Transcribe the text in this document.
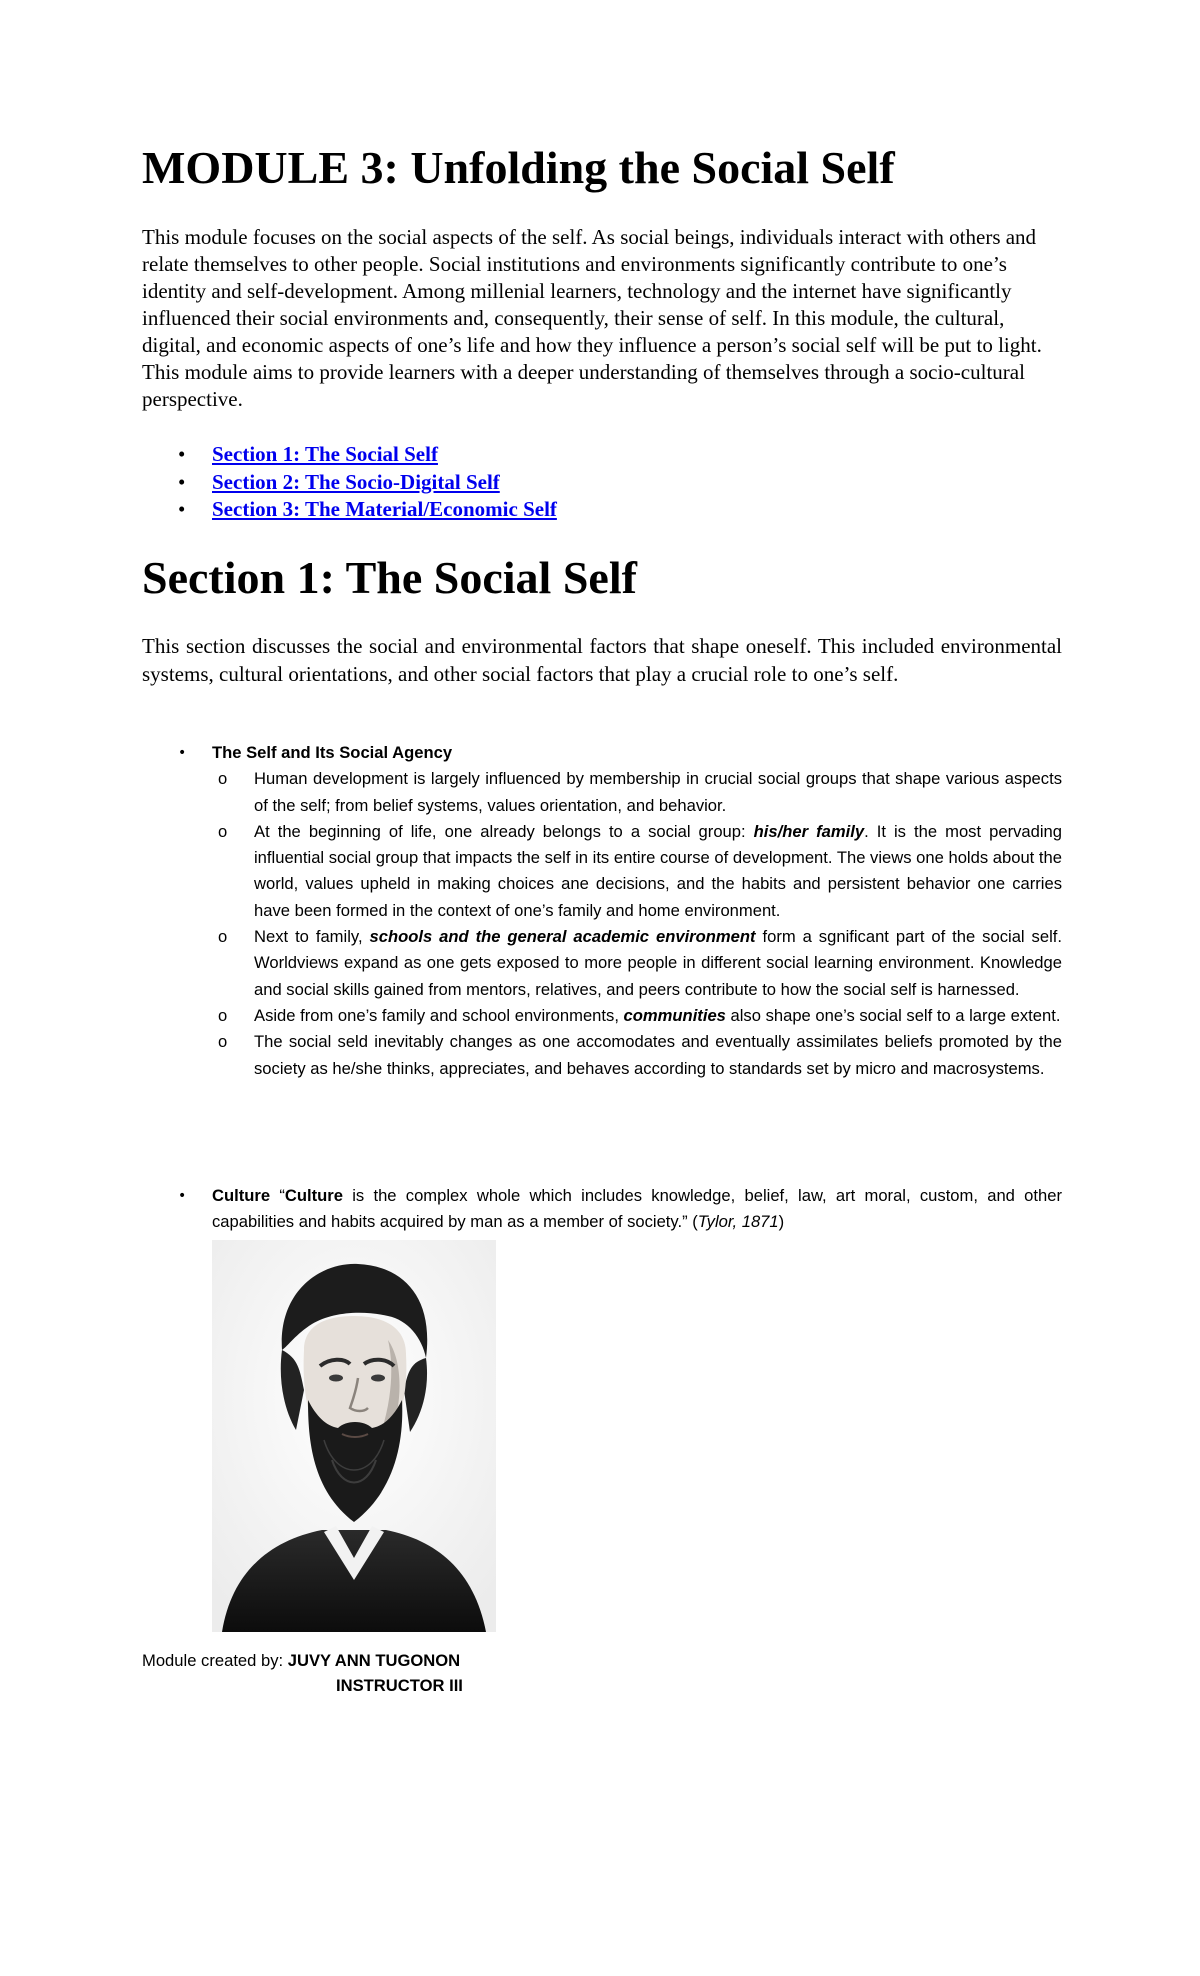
MODULE 3: Unfolding the Social Self

This module focuses on the social aspects of the self. As social beings, individuals interact with others and relate themselves to other people. Social institutions and environments significantly contribute to one’s identity and self-development. Among millenial learners, technology and the internet have significantly influenced their social environments and, consequently, their sense of self. In this module, the cultural, digital, and economic aspects of one’s life and how they influence a person’s social self will be put to light. This module aims to provide learners with a deeper understanding of themselves through a socio-cultural perspective.

• Section 1: The Social Self
• Section 2: The Socio-Digital Self
• Section 3: The Material/Economic Self
Section 1: The Social Self

This section discusses the social and environmental factors that shape oneself. This included environmental systems, cultural orientations, and other social factors that play a crucial role to one’s self.

• The Self and Its Social Agency
o Human development is largely influenced by membership in crucial social groups that shape various aspects of the self; from belief systems, values orientation, and behavior.
o At the beginning of life, one already belongs to a social group: his/her family. It is the most pervading influential social group that impacts the self in its entire course of development. The views one holds about the world, values upheld in making choices ane decisions, and the habits and persistent behavior one carries have been formed in the context of one’s family and home environment.
o Next to family, schools and the general academic environment form a sgnificant part of the social self. Worldviews expand as one gets exposed to more people in different social learning environment. Knowledge and social skills gained from mentors, relatives, and peers contribute to how the social self is harnessed.
o Aside from one’s family and school environments, communities also shape one’s social self to a large extent.
o The social seld inevitably changes as one accomodates and eventually assimilates beliefs promoted by the society as he/she thinks, appreciates, and behaves according to standards set by micro and macrosystems.
• Culture “Culture is the complex whole which includes knowledge, belief, law, art moral, custom, and other capabilities and habits acquired by man as a member of society.” (Tylor, 1871)
Module created by: JUVY ANN TUGONON
INSTRUCTOR III
